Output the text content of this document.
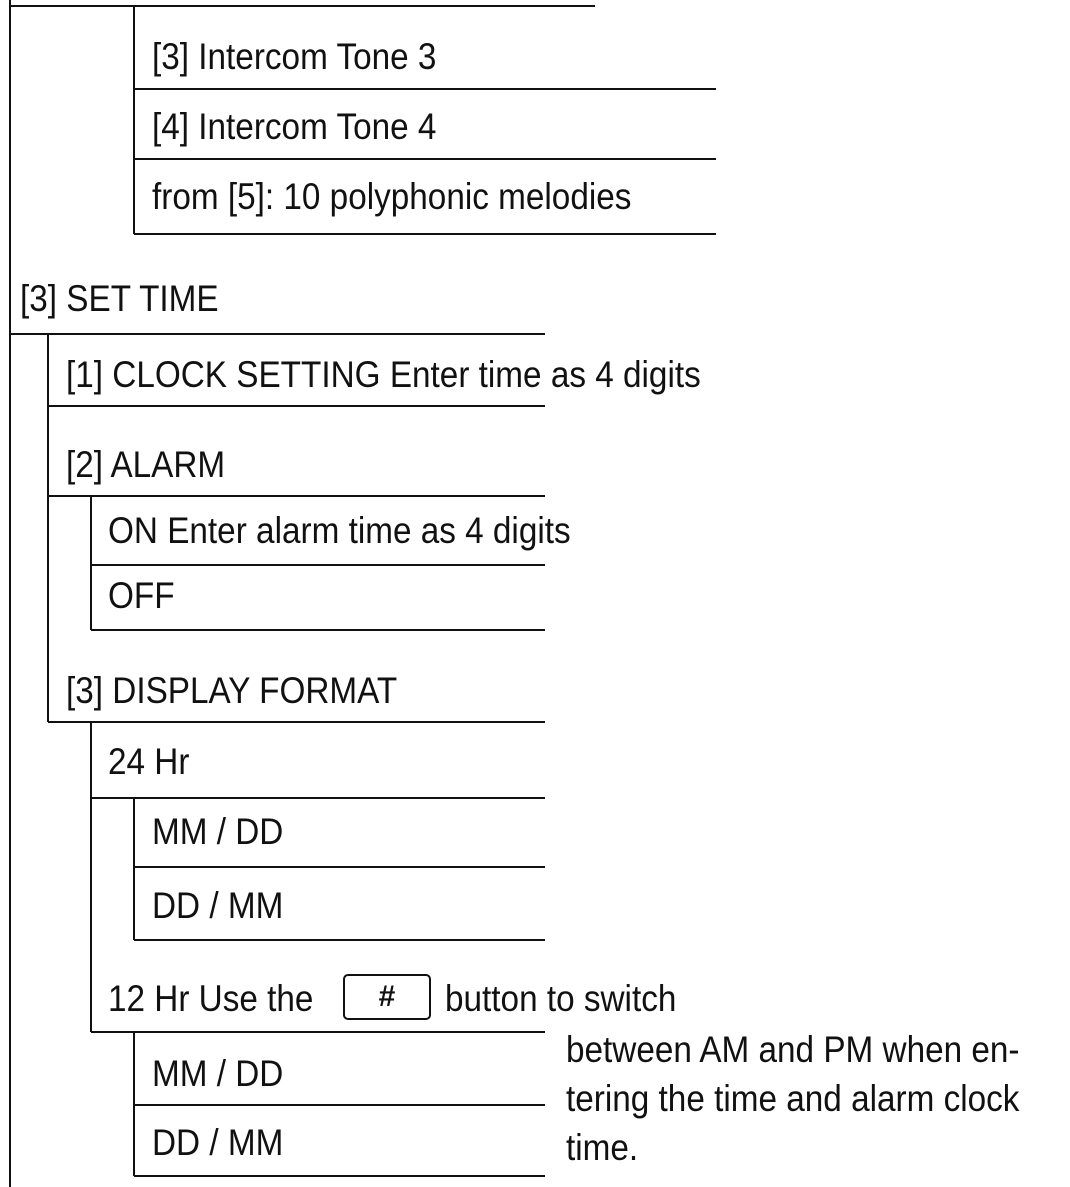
[3] Intercom Tone 3
[4] Intercom Tone 4
from [5]: 10 polyphonic melodies
[3] SET TIME
[1] CLOCK SETTING Enter time as 4 digits
[2] ALARM
ON Enter alarm time as 4 digits
OFF
[3] DISPLAY FORMAT
24 Hr
MM / DD
DD / MM
12 Hr Use the	#	button to switch
between AM and PM when en-
tering the time and alarm clock
time.
MM / DD
DD / MM
